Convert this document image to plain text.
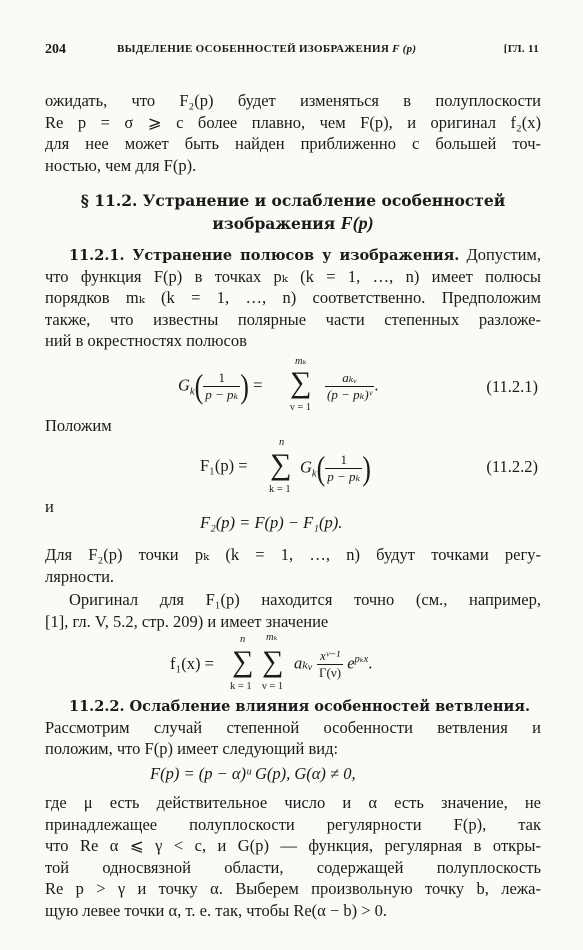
204	ВЫДЕЛЕНИЕ ОСОБЕННОСТЕЙ ИЗОБРАЖЕНИЯ F (p)	[ГЛ. 11
ожидать, что F₂(p) будет изменяться в полуплоскости
Re p = σ ⩾ c более плавно, чем F(p), и оригинал f₂(x)
для нее может быть найден приближенно с большей точ-
ностью, чем для F(p).
§ 11.2. Устранение и ослабление особенностей
изображения F(p)
11.2.1. Устранение полюсов у изображения. Допустим,
что функция F(p) в точках pₖ (k = 1, …, n) имеет полюсы
порядков mₖ (k = 1, …, n) соответственно. Предположим
также, что известны полярные части степенных разложе-
ний в окрестностях полюсов
$G_k( \frac{1}{\text{p − pₖ}}$ ) =
mₖ
∑
ν = 1
$\frac{\text{aₖᵥ}}{\text{(p − pₖ)ᵛ}}$ .	(11.2.1)
Положим
F₁(p) =
n
∑
k = 1
$G_k( \frac{1}{\text{p − pₖ}}$ )	(11.2.2)
и
F₂(p) = F(p) − F₁(p).
Для F₂(p) точки pₖ (k = 1, …, n) будут точками регу-
лярности.
Оригинал для F₁(p) находится точно (см., например,
[1], гл. V, 5.2, стр. 209) и имеет значение
f₁(x) =
n
∑
k = 1
mₖ
∑
ν = 1
aₖᵥ $\frac{\text{xᵛ⁻¹}}{\Gamma(\nu)} e^{p_kx}$.
11.2.2. Ослабление влияния особенностей ветвления.
Рассмотрим случай степенной особенности ветвления и
положим, что F(p) имеет следующий вид:
F(p) = (p − α)ᵘ G(p), G(α) ≠ 0,
где μ есть действительное число и α есть значение, не
принадлежащее полуплоскости регулярности F(p), так
что Re α ⩽ γ < c, и G(p) — функция, регулярная в откры-
той односвязной области, содержащей полуплоскость
Re p > γ и точку α. Выберем произвольную точку b, лежа-
щую левее точки α, т. е. так, чтобы Re(α − b) > 0.
